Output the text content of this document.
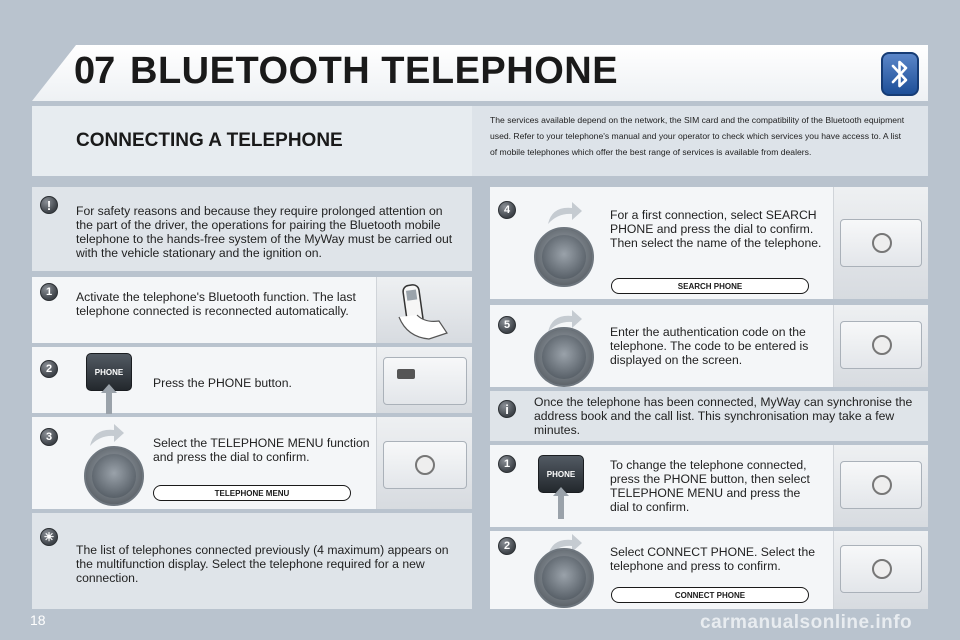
07 BLUETOOTH TELEPHONE
CONNECTING A TELEPHONE
The services available depend on the network, the SIM card and the compatibility of the Bluetooth equipment used. Refer to your telephone's manual and your operator to check which services you have access to. A list of mobile telephones which offer the best range of services is available from dealers.
!	For safety reasons and because they require prolonged attention on the part of the driver, the operations for pairing the Bluetooth mobile telephone to the hands-free system of the MyWay must be carried out with the vehicle stationary and the ignition on.
1	Activate the telephone's Bluetooth function. The last telephone connected is reconnected automatically.
2	PHONE
Press the PHONE button.
3	Select the TELEPHONE MENU function and press the dial to confirm.
TELEPHONE MENU
☀
The list of telephones connected previously (4 maximum) appears on the multifunction display. Select the telephone required for a new connection.
4	For a first connection, select SEARCH PHONE and press the dial to confirm. Then select the name of the telephone.
SEARCH PHONE
5	Enter the authentication code on the telephone. The code to be entered is displayed on the screen.
i	Once the telephone has been connected, MyWay can synchronise the address book and the call list. This synchronisation may take a few minutes.
1
PHONE
To change the telephone connected, press the PHONE button, then select TELEPHONE MENU and press the dial to confirm.
2	Select CONNECT PHONE. Select the telephone and press to confirm.
CONNECT PHONE
18	carmanualsonline.info
